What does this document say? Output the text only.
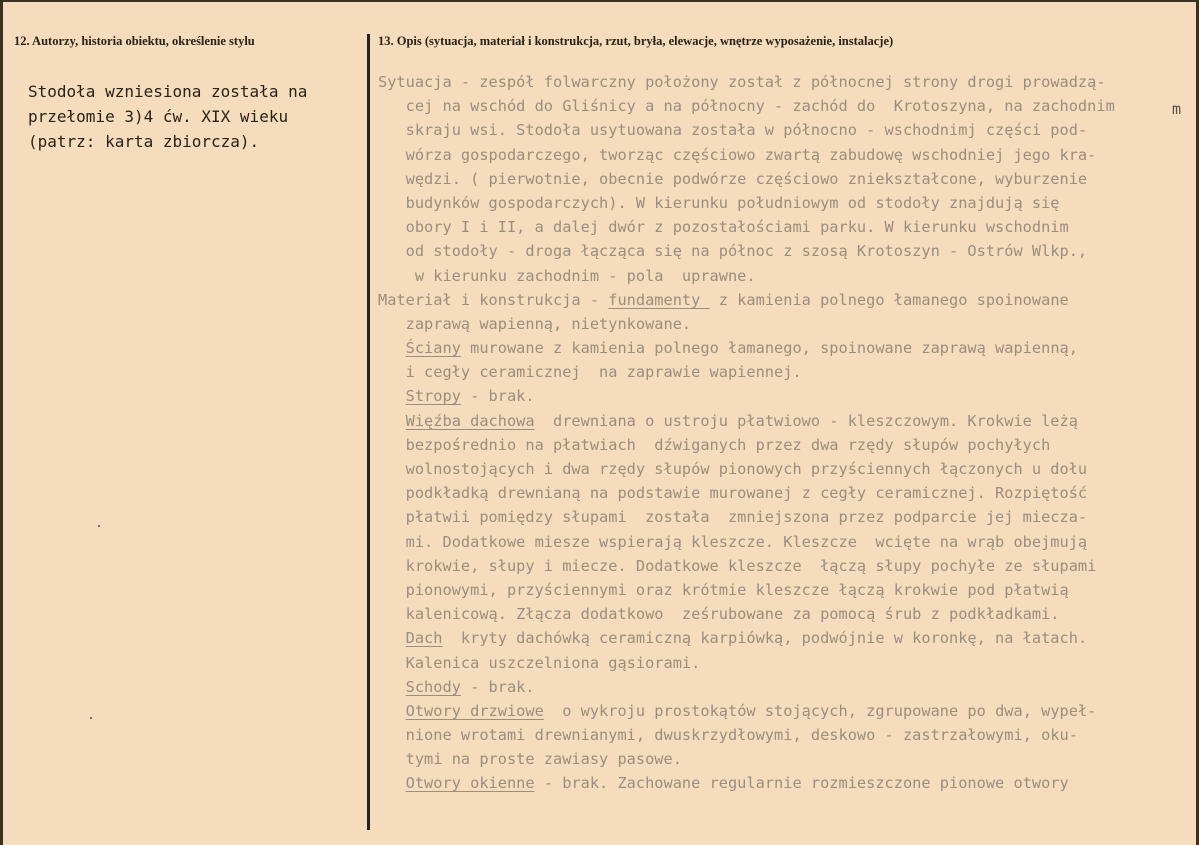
12. Autorzy, historia obiektu, określenie stylu	13. Opis (sytuacja, materiał i konstrukcja, rzut, bryła, elewacje, wnętrze wyposażenie, instalacje)
Stodoła wzniesiona została na
przełomie 3)4 ćw. XIX wieku
(patrz: karta zbiorcza).
Sytuacja - zespół folwarczny położony został z północnej strony drogi prowadzą-
cej na wschód do Gliśnicy a na północny - zachód do  Krotoszyna, na zachodnim
skraju wsi. Stodoła usytuowana została w północno - wschodnimj części pod-
wórza gospodarczego, tworząc częściowo zwartą zabudowę wschodniej jego kra-
wędzi. ( pierwotnie, obecnie podwórze częściowo zniekształcone, wyburzenie
budynków gospodarczych). W kierunku południowym od stodoły znajdują się
obory I i II, a dalej dwór z pozostałościami parku. W kierunku wschodnim
od stodoły - droga łącząca się na północ z szosą Krotoszyn - Ostrów Wlkp.,
w kierunku zachodnim - pola  uprawne.
Materiał i konstrukcja - fundamenty  z kamienia polnego łamanego spoinowane
zaprawą wapienną, nietynkowane.
Ściany murowane z kamienia polnego łamanego, spoinowane zaprawą wapienną,
i cegły ceramicznej  na zaprawie wapiennej.
Stropy - brak.
Więźba dachowa  drewniana o ustroju płatwiowo - kleszczowym. Krokwie leżą
bezpośrednio na płatwiach  dźwiganych przez dwa rzędy słupów pochyłych
wolnostojących i dwa rzędy słupów pionowych przyściennych łączonych u dołu
podkładką drewnianą na podstawie murowanej z cegły ceramicznej. Rozpiętość
płatwii pomiędzy słupami  została  zmniejszona przez podparcie jej miecza-
mi. Dodatkowe miesze wspierają kleszcze. Kleszcze  wcięte na wrąb obejmują
krokwie, słupy i miecze. Dodatkowe kleszcze  łączą słupy pochyłe ze słupami
pionowymi, przyściennymi oraz krótmie kleszcze łączą krokwie pod płatwią
kalenicową. Złącza dodatkowo  ześrubowane za pomocą śrub z podkładkami.
Dach  kryty dachówką ceramiczną karpiówką, podwójnie w koronkę, na łatach.
Kalenica uszczelniona gąsiorami.
Schody - brak.
Otwory drzwiowe  o wykroju prostokątów stojących, zgrupowane po dwa, wypeł-
nione wrotami drewnianymi, dwuskrzydłowymi, deskowo - zastrzałowymi, oku-
tymi na proste zawiasy pasowe.
Otwory okienne - brak. Zachowane regularnie rozmieszczone pionowe otwory
m
